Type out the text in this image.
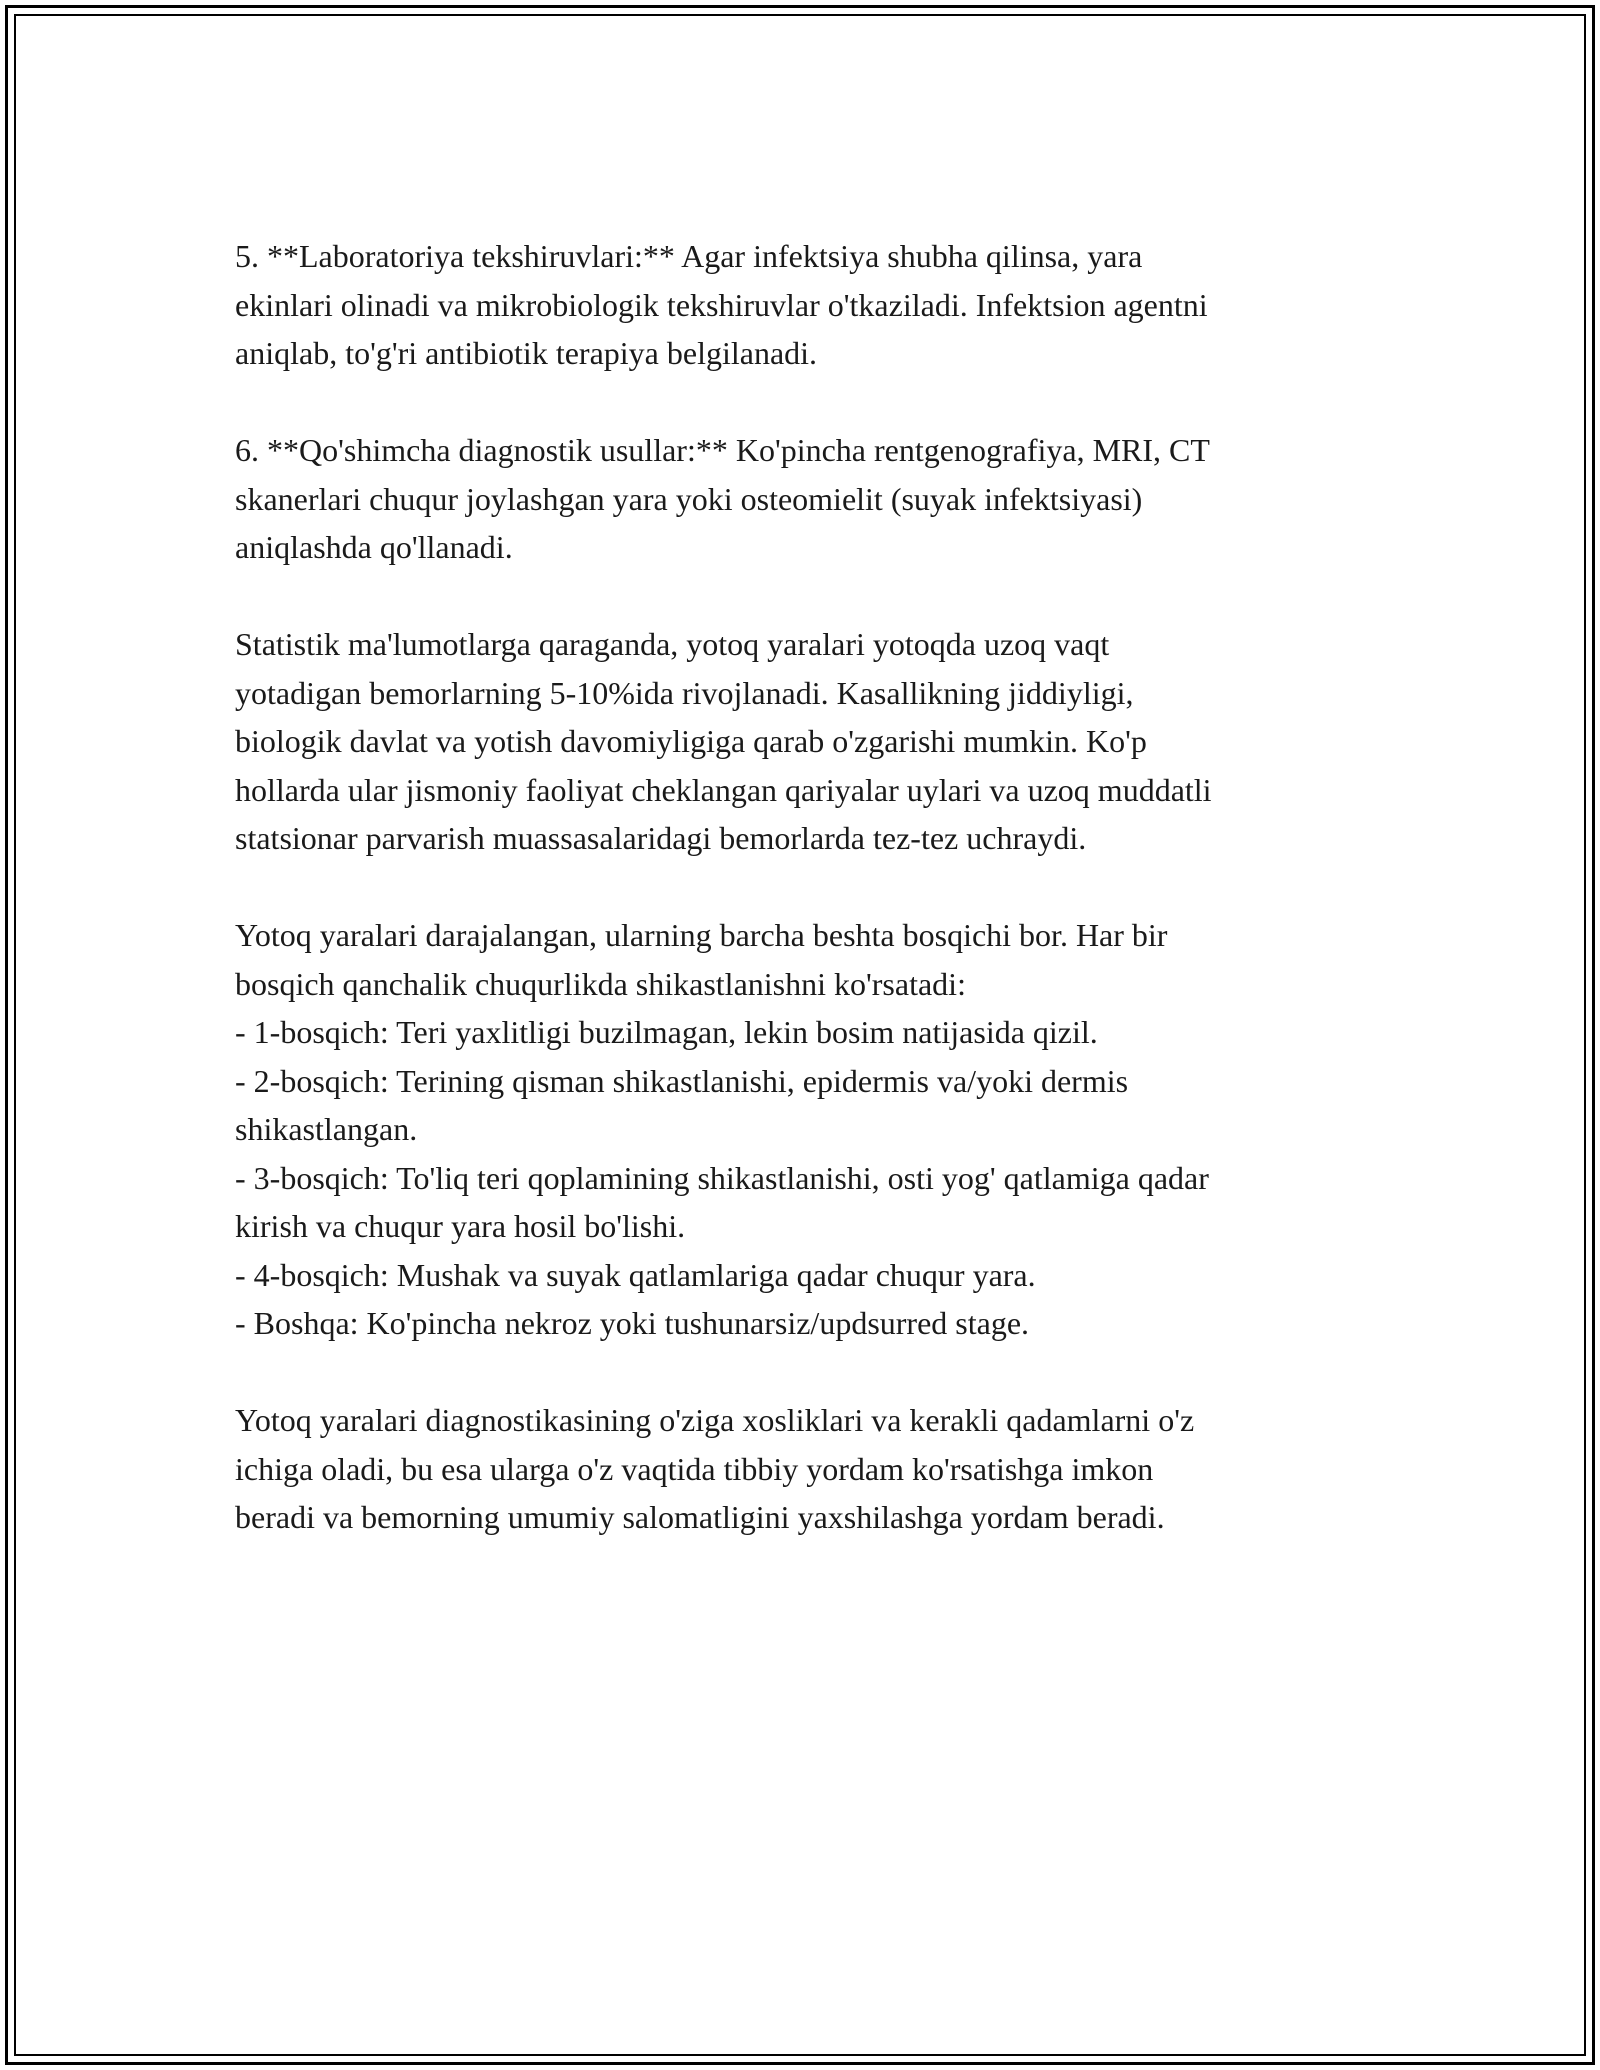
5. **Laboratoriya tekshiruvlari:** Agar infektsiya shubha qilinsa, yara
ekinlari olinadi va mikrobiologik tekshiruvlar o'tkaziladi. Infektsion agentni
aniqlab, to'g'ri antibiotik terapiya belgilanadi.

6. **Qo'shimcha diagnostik usullar:** Ko'pincha rentgenografiya, MRI, CT
skanerlari chuqur joylashgan yara yoki osteomielit (suyak infektsiyasi)
aniqlashda qo'llanadi.

Statistik ma'lumotlarga qaraganda, yotoq yaralari yotoqda uzoq vaqt
yotadigan bemorlarning 5-10%ida rivojlanadi. Kasallikning jiddiyligi,
biologik davlat va yotish davomiyligiga qarab o'zgarishi mumkin. Ko'p
hollarda ular jismoniy faoliyat cheklangan qariyalar uylari va uzoq muddatli
statsionar parvarish muassasalaridagi bemorlarda tez-tez uchraydi.

Yotoq yaralari darajalangan, ularning barcha beshta bosqichi bor. Har bir
bosqich qanchalik chuqurlikda shikastlanishni ko'rsatadi:
- 1-bosqich: Teri yaxlitligi buzilmagan, lekin bosim natijasida qizil.
- 2-bosqich: Terining qisman shikastlanishi, epidermis va/yoki dermis
shikastlangan.
- 3-bosqich: To'liq teri qoplamining shikastlanishi, osti yog' qatlamiga qadar
kirish va chuqur yara hosil bo'lishi.
- 4-bosqich: Mushak va suyak qatlamlariga qadar chuqur yara.
- Boshqa: Ko'pincha nekroz yoki tushunarsiz/updsurred stage.

Yotoq yaralari diagnostikasining o'ziga xosliklari va kerakli qadamlarni o'z
ichiga oladi, bu esa ularga o'z vaqtida tibbiy yordam ko'rsatishga imkon
beradi va bemorning umumiy salomatligini yaxshilashga yordam beradi.
